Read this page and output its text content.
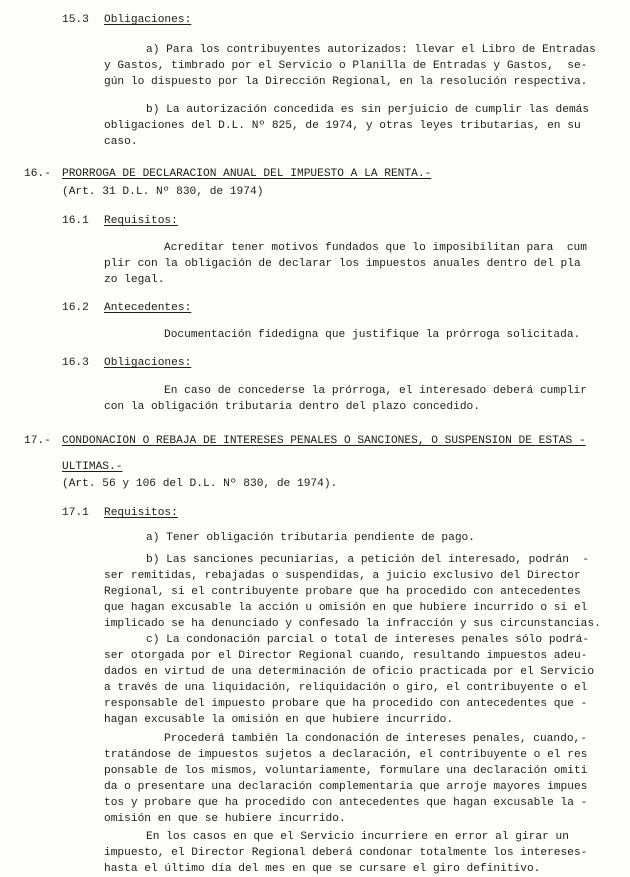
15.3 Obligaciones:
a) Para los contribuyentes autorizados: llevar el Libro de Entradas
y Gastos, timbrado por el Servicio o Planilla de Entradas y Gastos,  se-
gún lo dispuesto por la Dirección Regional, en la resolución respectiva.
b) La autorización concedida es sin perjuicio de cumplir las demás
obligaciones del D.L. Nº 825, de 1974, y otras leyes tributarias, en su
caso.
16.- PRORROGA DE DECLARACION ANUAL DEL IMPUESTO A LA RENTA.-
(Art. 31 D.L. Nº 830, de 1974)
16.1 Requisitos:
Acreditar tener motivos fundados que lo imposibilitan para  cum
plir con la obligación de declarar los impuestos anuales dentro del pla
zo legal.
16.2 Antecedentes:
Documentación fidedigna que justifique la prórroga solicitada.
16.3 Obligaciones:
En caso de concederse la prórroga, el interesado deberá cumplir
con la obligación tributaria dentro del plazo concedido.
17.- CONDONACION O REBAJA DE INTERESES PENALES O SANCIONES, O SUSPENSION DE ESTAS -
ULTIMAS.-
(Art. 56 y 106 del D.L. Nº 830, de 1974).
17.1 Requisitos:
a) Tener obligación tributaria pendiente de pago.
b) Las sanciones pecuniarias, a petición del interesado, podrán  -
ser remitidas, rebajadas o suspendidas, a juicio exclusivo del Director
Regional, si el contribuyente probare que ha procedido con antecedentes
que hagan excusable la acción u omisión en que hubiere incurrido o si el
implicado se ha denunciado y confesado la infracción y sus circunstancias.
c) La condonación parcial o total de intereses penales sólo podrá-
ser otorgada por el Director Regional cuando, resultando impuestos adeu-
dados en virtud de una determinación de oficio practicada por el Servicio
a través de una liquidación, reliquidación o giro, el contribuyente o el
responsable del impuesto probare que ha procedido con antecedentes que -
hagan excusable la omisión en que hubiere incurrido.
Procederá también la condonación de intereses penales, cuando,-
tratándose de impuestos sujetos a declaración, el contribuyente o el res
ponsable de los mismos, voluntariamente, formulare una declaración omiti
da o presentare una declaración complementaria que arroje mayores impues
tos y probare que ha procedido con antecedentes que hagan excusable la -
omisión en que se hubiere incurrido.
En los casos en que el Servicio incurriere en error al girar un
impuesto, el Director Regional deberá condonar totalmente los intereses-
hasta el último día del mes en que se cursare el giro definitivo.
